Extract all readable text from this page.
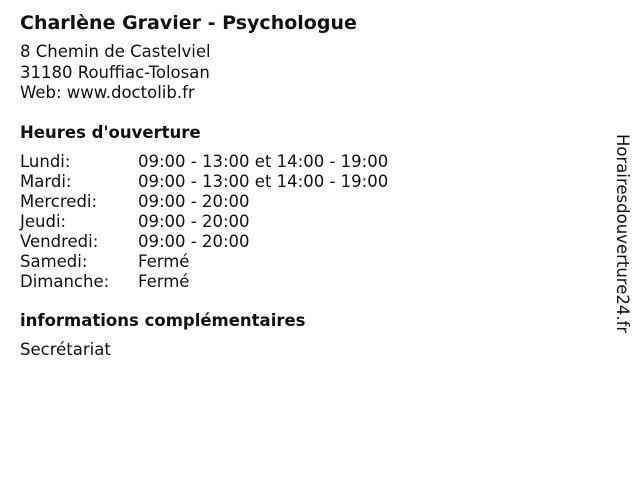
Charlène Gravier - Psychologue
8 Chemin de Castelviel
31180 Rouffiac-Tolosan
Web: www.doctolib.fr
Heures d'ouverture
Lundi:	09:00 - 13:00 et 14:00 - 19:00
Mardi:	09:00 - 13:00 et 14:00 - 19:00
Mercredi:	09:00 - 20:00
Jeudi:	09:00 - 20:00
Vendredi:	09:00 - 20:00
Samedi:	Fermé
Dimanche:	Fermé
informations complémentaires
Secrétariat
Horairesdouverture24.fr
